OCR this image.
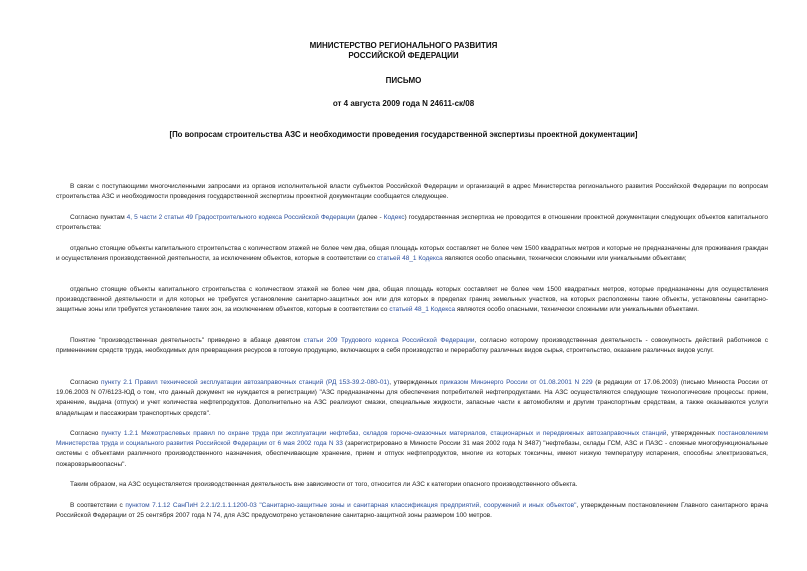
МИНИСТЕРСТВО РЕГИОНАЛЬНОГО РАЗВИТИЯ
РОССИЙСКОЙ ФЕДЕРАЦИИ
ПИСЬМО
от 4 августа 2009 года N 24611-ск/08
[По вопросам строительства АЗС и необходимости проведения государственной экспертизы проектной документации]

В связи с поступающими многочисленными запросами из органов исполнительной власти субъектов Российской Федерации и организаций в адрес Министерства регионального развития Российской Федерации по вопросам строительства АЗС и необходимости проведения государственной экспертизы проектной документации сообщается следующее.

Согласно пунктам 4, 5 части 2 статьи 49 Градостроительного кодекса Российской Федерации (далее - Кодекс) государственная экспертиза не проводится в отношении проектной документации следующих объектов капитального строительства:

отдельно стоящие объекты капитального строительства с количеством этажей не более чем два, общая площадь которых составляет не более чем 1500 квадратных метров и которые не предназначены для проживания граждан и осуществления производственной деятельности, за исключением объектов, которые в соответствии со статьей 48_1 Кодекса являются особо опасными, технически сложными или уникальными объектами;

отдельно стоящие объекты капитального строительства с количеством этажей не более чем два, общая площадь которых составляет не более чем 1500 квадратных метров, которые предназначены для осуществления производственной деятельности и для которых не требуется установление санитарно-защитных зон или для которых в пределах границ земельных участков, на которых расположены такие объекты, установлены санитарно-защитные зоны или требуется установление таких зон, за исключением объектов, которые в соответствии со статьей 48_1 Кодекса являются особо опасными, технически сложными или уникальными объектами.

Понятие "производственная деятельность" приведено в абзаце девятом статьи 209 Трудового кодекса Российской Федерации, согласно которому производственная деятельность - совокупность действий работников с применением средств труда, необходимых для превращения ресурсов в готовую продукцию, включающих в себя производство и переработку различных видов сырья, строительство, оказание различных видов услуг.

Согласно пункту 2.1 Правил технической эксплуатации автозаправочных станций (РД 153-39.2-080-01), утвержденных приказом Минэнерго России от 01.08.2001 N 229 (в редакции от 17.06.2003) (письмо Минюста России от 19.06.2003 N 07/6123-ЮД о том, что данный документ не нуждается в регистрации) "АЗС предназначены для обеспечения потребителей нефтепродуктами. На АЗС осуществляются следующие технологические процессы: прием, хранение, выдача (отпуск) и учет количества нефтепродуктов. Дополнительно на АЗС реализуют смазки, специальные жидкости, запасные части к автомобилям и другим транспортным средствам, а также оказываются услуги владельцам и пассажирам транспортных средств".

Согласно пункту 1.2.1 Межотраслевых правил по охране труда при эксплуатации нефтебаз, складов горюче-смазочных материалов, стационарных и передвижных автозаправочных станций, утвержденных постановлением Министерства труда и социального развития Российской Федерации от 6 мая 2002 года N 33 (зарегистрировано в Минюсте России 31 мая 2002 года N 3487) "нефтебазы, склады ГСМ, АЗС и ПАЗС - сложные многофункциональные системы с объектами различного производственного назначения, обеспечивающие хранение, прием и отпуск нефтепродуктов, многие из которых токсичны, имеют низкую температуру испарения, способны электризоваться, пожаровзрывоопасны".

Таким образом, на АЗС осуществляется производственная деятельность вне зависимости от того, относится ли АЗС к категории опасного производственного объекта.

В соответствии с пунктом 7.1.12 СанПиН 2.2.1/2.1.1.1200-03 "Санитарно-защитные зоны и санитарная классификация предприятий, сооружений и иных объектов", утвержденным постановлением Главного санитарного врача Российской Федерации от 25 сентября 2007 года N 74, для АЗС предусмотрено установление санитарно-защитной зоны размером 100 метров.
